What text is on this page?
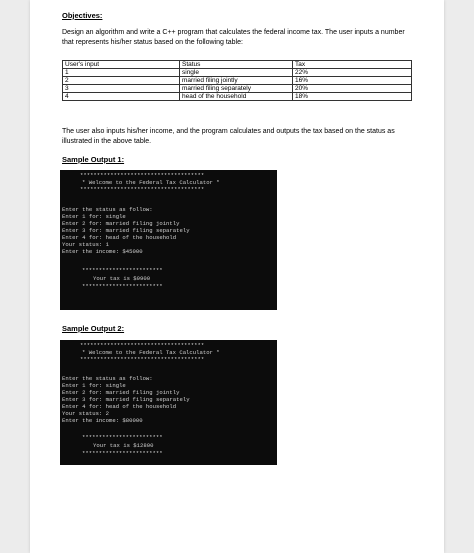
Objectives:
Design an algorithm and write a C++ program that calculates the federal income tax. The user inputs a number that represents his/her status based on the following table:
User's input	Status	Tax
1	single	22%
2	married filing jointly	16%
3	married filing separately	20%
4	head of the household	18%
The user also inputs his/her income, and the program calculates and outputs the tax based on the status as illustrated in the above table.
Sample Output 1:
*************************************
* Welcome to the Federal Tax Calculator *
*************************************
Enter the status as follow:
Enter 1 for: single
Enter 2 for: married filing jointly
Enter 3 for: married filing separately
Enter 4 for: head of the household
Your status: 1
Enter the income: $45000
************************
Your tax is $9900
************************
Sample Output 2:
*************************************
* Welcome to the Federal Tax Calculator *
*************************************
Enter the status as follow:
Enter 1 for: single
Enter 2 for: married filing jointly
Enter 3 for: married filing separately
Enter 4 for: head of the household
Your status: 2
Enter the income: $80000
************************
Your tax is $12800
************************
